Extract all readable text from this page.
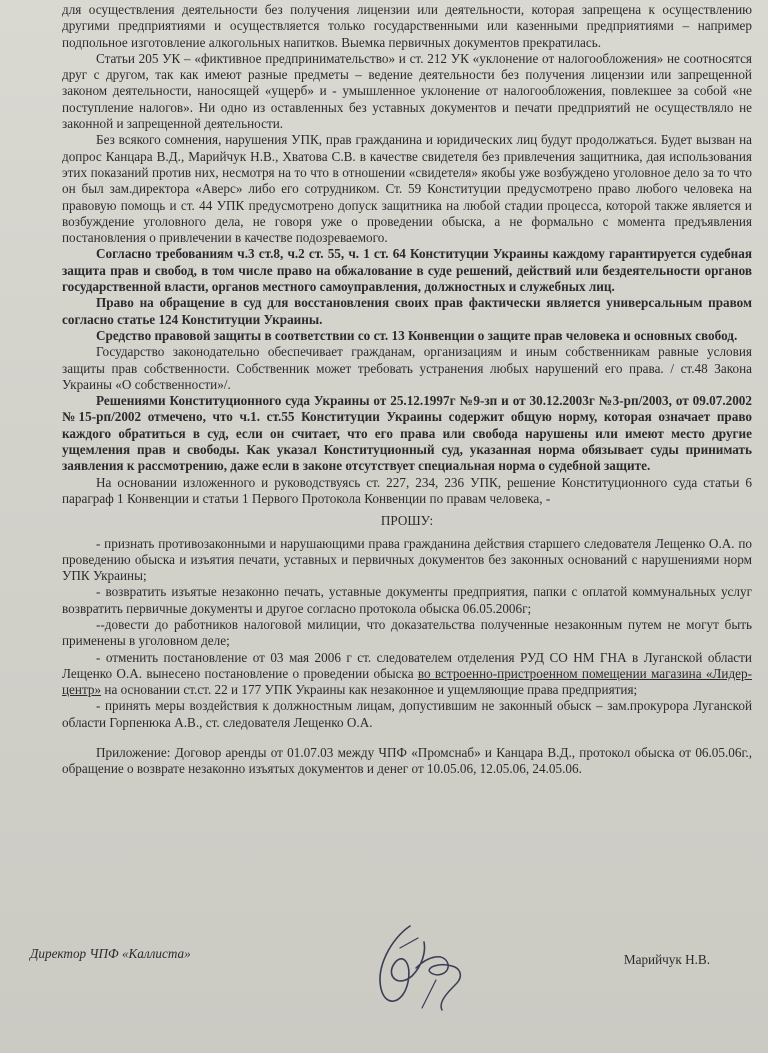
для осуществления деятельности без получения лицензии или деятельности, которая запрещена к осуществлению другими предприятиями и осуществляется только государственными или казенными предприятиями – например подпольное изготовление алкогольных напитков. Выемка первичных документов прекратилась.

Статьи 205 УК – «фиктивное предпринимательство» и ст. 212 УК «уклонение от налогообложения» не соотносятся друг с другом, так как имеют разные предметы – ведение деятельности без получения лицензии или запрещенной законом деятельности, наносящей «ущерб» и - умышленное уклонение от налогообложения, повлекшее за собой «не поступление налогов». Ни одно из оставленных без уставных документов и печати предприятий не осуществляло не законной и запрещенной деятельности.

Без всякого сомнения, нарушения УПК, прав гражданина и юридических лиц будут продолжаться. Будет вызван на допрос Канцара В.Д., Марийчук Н.В., Хватова С.В. в качестве свидетеля без привлечения защитника, дая использования этих показаний против них, несмотря на то что в отношении «свидетеля» якобы уже возбуждено уголовное дело за то что он был зам.директора «Аверс» либо его сотрудником. Ст. 59 Конституции предусмотрено право любого человека на правовую помощь и ст. 44 УПК предусмотрено допуск защитника на любой стадии процесса, которой также является и возбуждение уголовного дела, не говоря уже о проведении обыска, а не формально с момента предъявления постановления о привлечении в качестве подозреваемого.

Согласно требованиям ч.3 ст.8, ч.2 ст. 55, ч. 1 ст. 64 Конституции Украины каждому гарантируется судебная защита прав и свобод, в том числе право на обжалование в суде решений, действий или бездеятельности органов государственной власти, органов местного самоуправления, должностных и служебных лиц.

Право на обращение в суд для восстановления своих прав фактически является универсальным правом согласно статье 124 Конституции Украины.

Средство правовой защиты в соответствии со ст. 13 Конвенции о защите прав человека и основных свобод.

Государство законодательно обеспечивает гражданам, организациям и иным собственникам равные условия защиты прав собственности. Собственник может требовать устранения любых нарушений его права. / ст.48 Закона Украины «О собственности»/.

Решениями Конституционного суда Украины от 25.12.1997г №9-зп и от 30.12.2003г №3-рп/2003, от 09.07.2002 №15-рп/2002 отмечено, что ч.1. ст.55 Конституции Украины содержит общую норму, которая означает право каждого обратиться в суд, если он считает, что его права или свобода нарушены или имеют место другие ущемления прав и свободы. Как указал Конституционный суд, указанная норма обязывает суды принимать заявления к рассмотрению, даже если в законе отсутствует специальная норма о судебной защите.

На основании изложенного и руководствуясь ст. 227, 234, 236 УПК, решение Конституционного суда статьи 6 параграф 1 Конвенции и статьи 1 Первого Протокола Конвенции по правам человека, -

ПРОШУ:

- признать противозаконными и нарушающими права гражданина действия старшего следователя Лещенко О.А. по проведению обыска и изъятия печати, уставных и первичных документов без законных оснований с нарушениями норм УПК Украины;

- возвратить изъятые незаконно печать, уставные документы предприятия, папки с оплатой коммунальных услуг возвратить первичные документы и другое согласно протокола обыска 06.05.2006г;

--довести до работников налоговой милиции, что доказательства полученные незаконным путем не могут быть применены в уголовном деле;

- отменить постановление от 03 мая 2006 г ст. следователем отделения РУД СО НМ ГНА в Луганской области Лещенко О.А. вынесено постановление о проведении обыска во встроенно-пристроенном помещении магазина «Лидер-центр» на основании ст.ст. 22 и 177 УПК Украины как незаконное и ущемляющие права предприятия;

- принять меры воздействия к должностным лицам, допустившим не законный обыск – зам.прокурора Луганской области Горпенюка А.В., ст. следователя Лещенко О.А.

Приложение: Договор аренды от 01.07.03 между ЧПФ «Промснаб» и Канцара В.Д., протокол обыска от 06.05.06г., обращение о возврате незаконно изъятых документов и денег от 10.05.06, 12.05.06, 24.05.06.

Директор ЧПФ «Каллиста»	Марийчук Н.В.
